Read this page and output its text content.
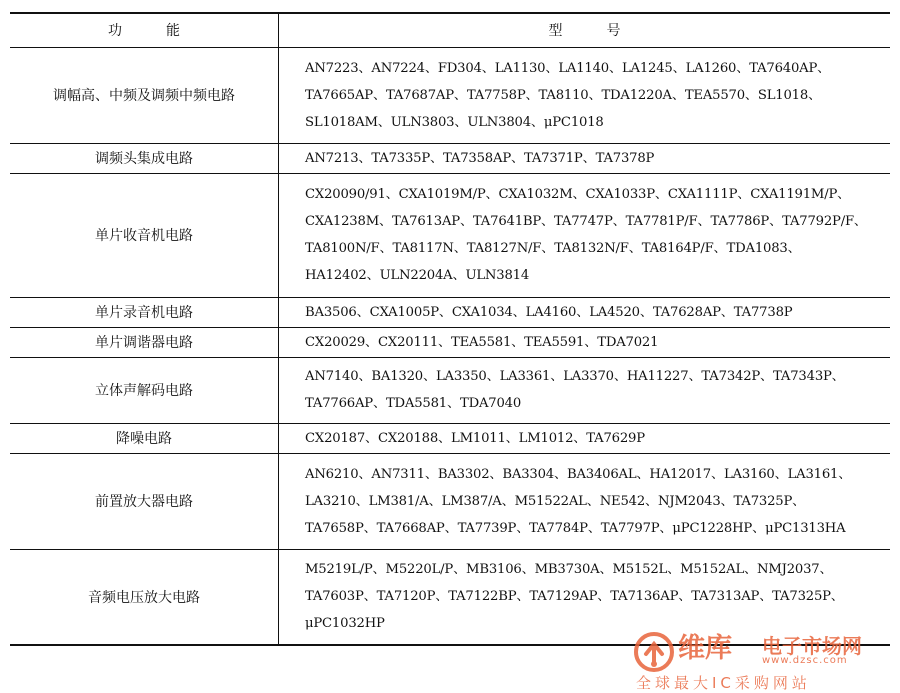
功 能	型 号
调幅高、中频及调频中频电路	AN7223、AN7224、FD304、LA1130、LA1140、LA1245、LA1260、TA7640AP、
TA7665AP、TA7687AP、TA7758P、TA8110、TDA1220A、TEA5570、SL1018、
SL1018AM、ULN3803、ULN3804、μPC1018

调频头集成电路	AN7213、TA7335P、TA7358AP、TA7371P、TA7378P

单片收音机电路	CX20090/91、CXA1019M/P、CXA1032M、CXA1033P、CXA1111P、CXA1191M/P、
CXA1238M、TA7613AP、TA7641BP、TA7747P、TA7781P/F、TA7786P、TA7792P/F、
TA8100N/F、TA8117N、TA8127N/F、TA8132N/F、TA8164P/F、TDA1083、
HA12402、ULN2204A、ULN3814

单片录音机电路	BA3506、CXA1005P、CXA1034、LA4160、LA4520、TA7628AP、TA7738P

单片调谐器电路	CX20029、CX20111、TEA5581、TEA5591、TDA7021

立体声解码电路	AN7140、BA1320、LA3350、LA3361、LA3370、HA11227、TA7342P、TA7343P、
TA7766AP、TDA5581、TDA7040

降噪电路	CX20187、CX20188、LM1011、LM1012、TA7629P

前置放大器电路	AN6210、AN7311、BA3302、BA3304、BA3406AL、HA12017、LA3160、LA3161、
LA3210、LM381/A、LM387/A、M51522AL、NE542、NJM2043、TA7325P、
TA7658P、TA7668AP、TA7739P、TA7784P、TA7797P、μPC1228HP、μPC1313HA

音频电压放大电路	M5219L/P、M5220L/P、MB3106、MB3730A、M5152L、M5152AL、NMJ2037、
TA7603P、TA7120P、TA7122BP、TA7129AP、TA7136AP、TA7313AP、TA7325P、
μPC1032HP
维库 电子市场网
www.dzsc.com
全球最大IC采购网站
